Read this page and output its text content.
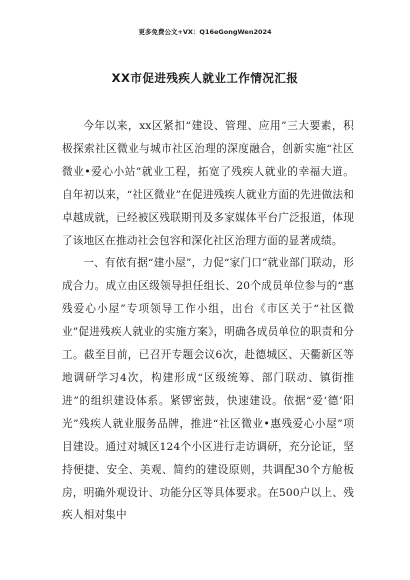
更多免费公文+VX：Q16eGongWen2024
XX市促进残疾人就业工作情况汇报

今年以来，xx区紧扣“建设、管理、应用”三大要素，积极探索社区微业与城市社区治理的深度融合，创新实施“社区微业•爱心小站”就业工程，拓宽了残疾人就业的幸福大道。自年初以来，“社区微业”在促进残疾人就业方面的先进做法和卓越成就，已经被区残联期刊及多家媒体平台广泛报道，体现了该地区在推动社会包容和深化社区治理方面的显著成绩。

一、有依有据“建小屋”，力促“家门口”就业部门联动，形成合力。成立由区级领导担任组长、20个成员单位参与的“惠残爱心小屋”专项领导工作小组，出台《市区关于“社区微业”促进残疾人就业的实施方案》，明确各成员单位的职责和分工。截至目前，已召开专题会议6次，赴德城区、天衢新区等地调研学习4次，构建形成“区级统筹、部门联动、镇街推进”的组织建设体系。紧锣密鼓，快速建设。依据“爱‘德’阳光”残疾人就业服务品牌，推进“社区微业•惠残爱心小屋”项目建设。通过对城区124个小区进行走访调研，充分论证，坚持便捷、安全、美观、简约的建设原则，共调配30个方舱板房，明确外观设计、功能分区等具体要求。在500户以上、残疾人相对集中
